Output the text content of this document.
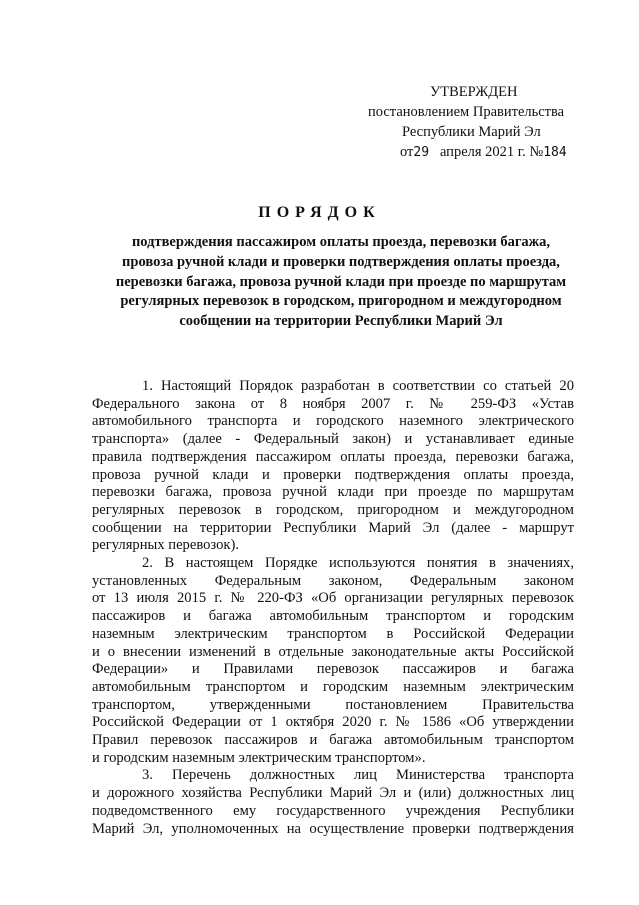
УТВЕРЖДЕН
постановлением Правительства
Республики Марий Эл
от29 апреля 2021 г. №184
ПОРЯДОК
подтверждения пассажиром оплаты проезда, перевозки багажа,
провоза ручной клади и проверки подтверждения оплаты проезда,
перевозки багажа, провоза ручной клади при проезде по маршрутам
регулярных перевозок в городском, пригородном и междугородном
сообщении на территории Республики Марий Эл
1. Настоящий Порядок разработан в соответствии со статьей 20
Федерального закона от 8 ноября 2007 г. № 259-ФЗ «Устав
автомобильного транспорта и городского наземного электрического
транспорта» (далее - Федеральный закон) и устанавливает единые
правила подтверждения пассажиром оплаты проезда, перевозки багажа,
провоза ручной клади и проверки подтверждения оплаты проезда,
перевозки багажа, провоза ручной клади при проезде по маршрутам
регулярных перевозок в городском, пригородном и междугородном
сообщении на территории Республики Марий Эл (далее - маршрут
регулярных перевозок).
2. В настоящем Порядке используются понятия в значениях,
установленных Федеральным законом, Федеральным законом
от 13 июля 2015 г. № 220-ФЗ «Об организации регулярных перевозок
пассажиров и багажа автомобильным транспортом и городским
наземным электрическим транспортом в Российской Федерации
и о внесении изменений в отдельные законодательные акты Российской
Федерации» и Правилами перевозок пассажиров и багажа
автомобильным транспортом и городским наземным электрическим
транспортом, утвержденными постановлением Правительства
Российской Федерации от 1 октября 2020 г. № 1586 «Об утверждении
Правил перевозок пассажиров и багажа автомобильным транспортом
и городским наземным электрическим транспортом».
3. Перечень должностных лиц Министерства транспорта
и дорожного хозяйства Республики Марий Эл и (или) должностных лиц
подведомственного ему государственного учреждения Республики
Марий Эл, уполномоченных на осуществление проверки подтверждения
